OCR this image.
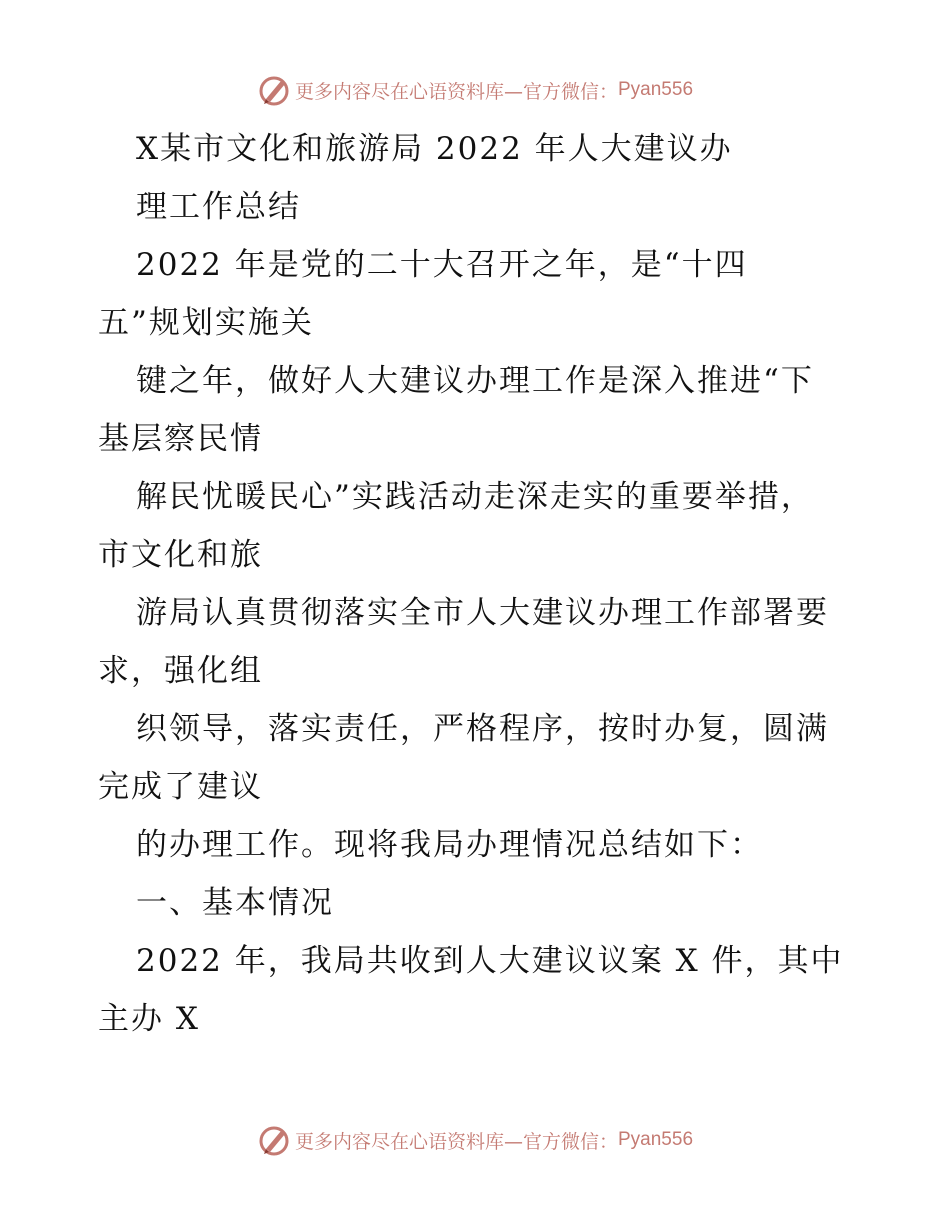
更多内容尽在心语资料库—官方微信： Pyan556
X某市文化和旅游局 2022 年人大建议办
理工作总结
2022 年是党的二十大召开之年，是“十四
五”规划实施关
键之年，做好人大建议办理工作是深入推进“下
基层察民情
解民忧暖民心”实践活动走深走实的重要举措，
市文化和旅
游局认真贯彻落实全市人大建议办理工作部署要
求，强化组
织领导，落实责任，严格程序，按时办复，圆满
完成了建议
的办理工作。现将我局办理情况总结如下：
一、基本情况
2022 年，我局共收到人大建议议案 X 件，其中
主办 X
更多内容尽在心语资料库—官方微信： Pyan556
